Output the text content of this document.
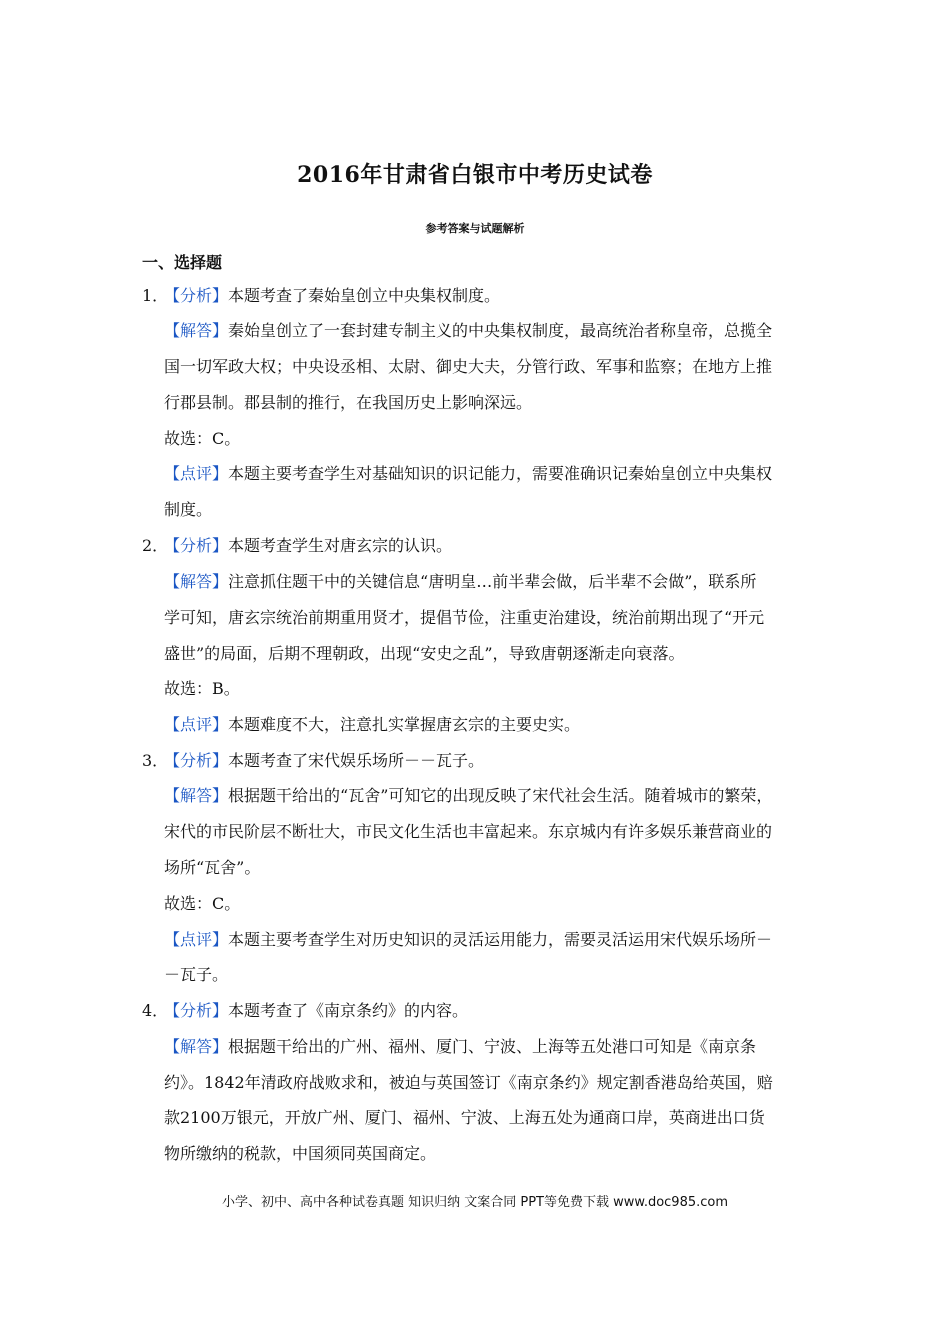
2016年甘肃省白银市中考历史试卷
参考答案与试题解析
一、选择题
1．
【分析】本题考查了秦始皇创立中央集权制度。
【解答】秦始皇创立了一套封建专制主义的中央集权制度，最高统治者称皇帝，总揽全
国一切军政大权；中央设丞相、太尉、御史大夫，分管行政、军事和监察；在地方上推
行郡县制。郡县制的推行，在我国历史上影响深远。
故选：C。
【点评】本题主要考查学生对基础知识的识记能力，需要准确识记秦始皇创立中央集权
制度。
2．
【分析】本题考查学生对唐玄宗的认识。
【解答】注意抓住题干中的关键信息“唐明皇…前半辈会做，后半辈不会做”，联系所
学可知，唐玄宗统治前期重用贤才，提倡节俭，注重吏治建设，统治前期出现了“开元
盛世”的局面，后期不理朝政，出现“安史之乱”，导致唐朝逐渐走向衰落。
故选：B。
【点评】本题难度不大，注意扎实掌握唐玄宗的主要史实。
3．
【分析】本题考查了宋代娱乐场所－－瓦子。
【解答】根据题干给出的“瓦舍”可知它的出现反映了宋代社会生活。随着城市的繁荣，
宋代的市民阶层不断壮大，市民文化生活也丰富起来。东京城内有许多娱乐兼营商业的
场所“瓦舍”。
故选：C。
【点评】本题主要考查学生对历史知识的灵活运用能力，需要灵活运用宋代娱乐场所－
－瓦子。
4．
【分析】本题考查了《南京条约》的内容。
【解答】根据题干给出的广州、福州、厦门、宁波、上海等五处港口可知是《南京条
约》。1842年清政府战败求和，被迫与英国签订《南京条约》规定割香港岛给英国，赔
款2100万银元，开放广州、厦门、福州、宁波、上海五处为通商口岸，英商进出口货
物所缴纳的税款，中国须同英国商定。
小学、初中、高中各种试卷真题 知识归纳 文案合同 PPT等免费下载 www.doc985.com
